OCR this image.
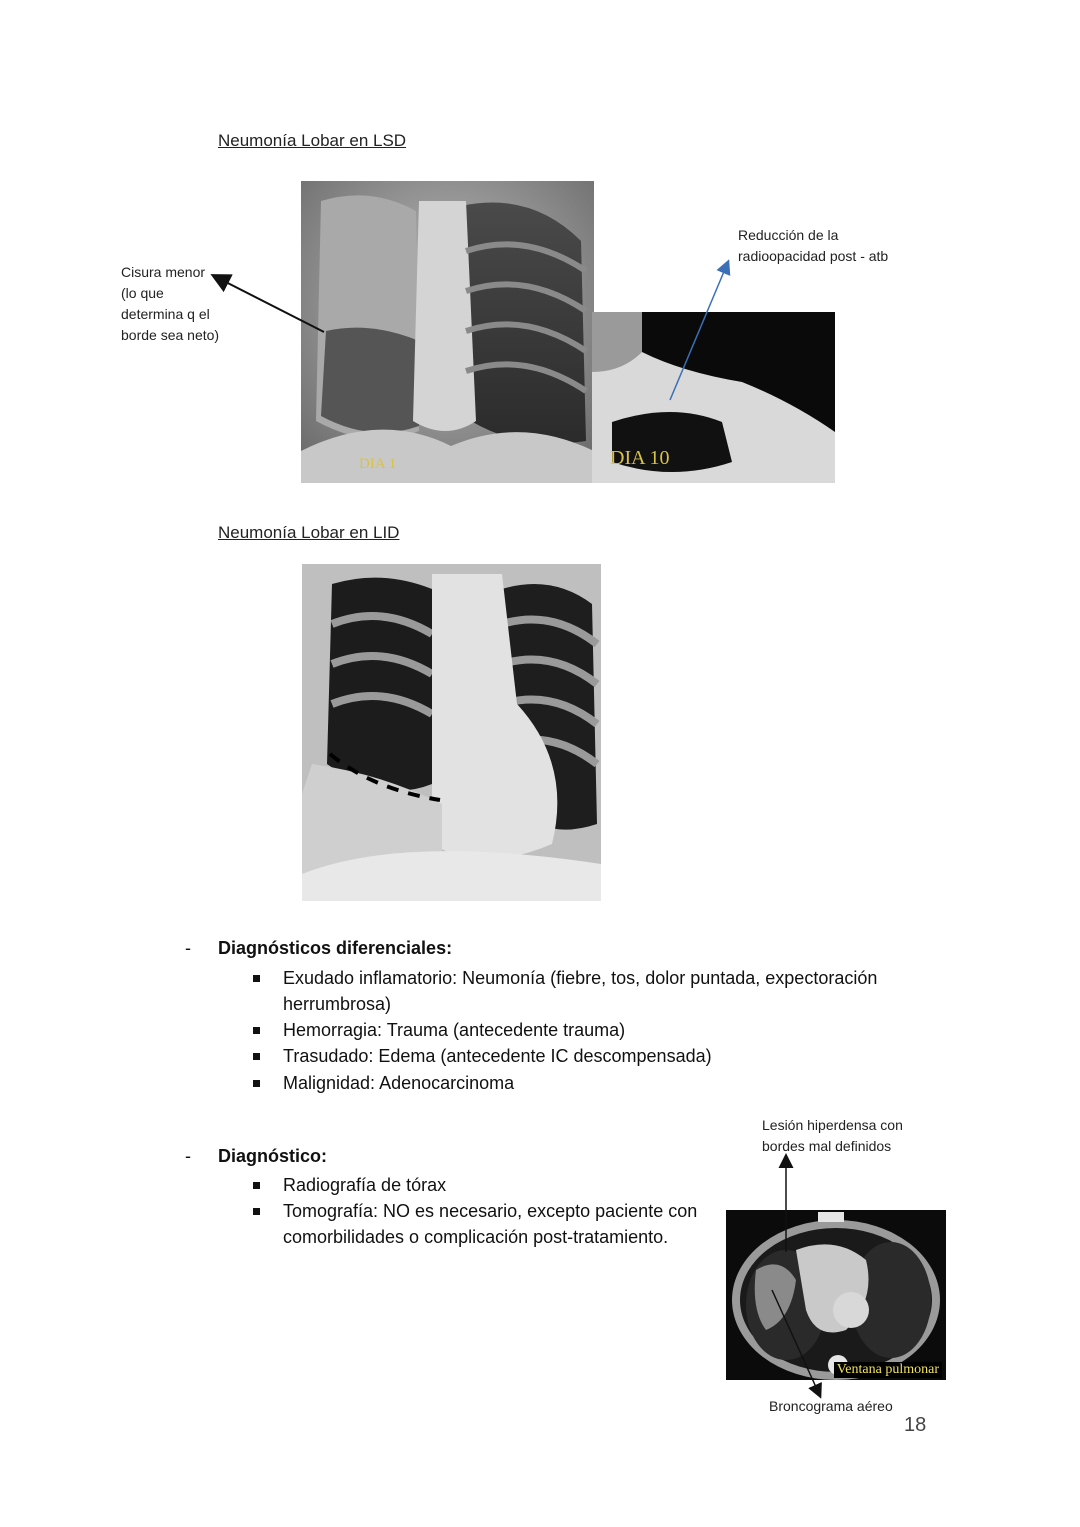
Neumonía Lobar en LSD
Cisura menor
(lo que
determina q el
borde sea neto)
Reducción de la
radioopacidad post - atb
DIA 1	DIA 10
Neumonía Lobar en LID
- Diagnósticos diferenciales:
Exudado inflamatorio: Neumonía (fiebre, tos, dolor puntada, expectoración herrumbrosa)
Hemorragia: Trauma (antecedente trauma)
Trasudado: Edema (antecedente IC descompensada)
Malignidad: Adenocarcinoma
- Diagnóstico:
Radiografía de tórax
Tomografía: NO es necesario, excepto paciente con comorbilidades o complicación post-tratamiento.
Lesión hiperdensa con
bordes mal definidos
Ventana pulmonar
Broncograma aéreo
18
